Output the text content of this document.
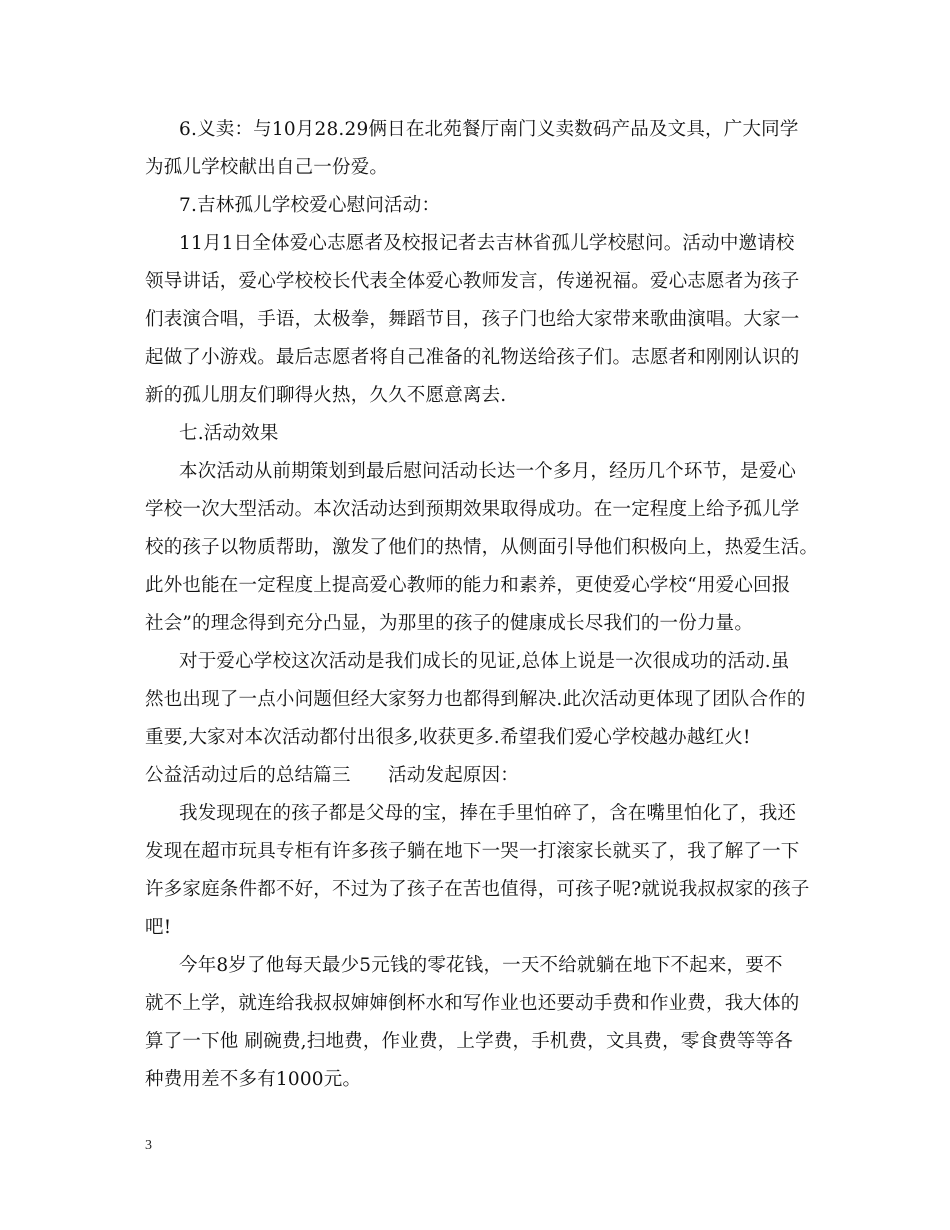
6.义卖：与10月28.29俩日在北苑餐厅南门义卖数码产品及文具，广大同学
为孤儿学校献出自己一份爱。
7.吉林孤儿学校爱心慰问活动：
11月1日全体爱心志愿者及校报记者去吉林省孤儿学校慰问。活动中邀请校
领导讲话，爱心学校校长代表全体爱心教师发言，传递祝福。爱心志愿者为孩子
们表演合唱，手语，太极拳，舞蹈节目，孩子门也给大家带来歌曲演唱。大家一
起做了小游戏。最后志愿者将自己准备的礼物送给孩子们。志愿者和刚刚认识的
新的孤儿朋友们聊得火热，久久不愿意离去.
七.活动效果
本次活动从前期策划到最后慰问活动长达一个多月，经历几个环节，是爱心
学校一次大型活动。本次活动达到预期效果取得成功。在一定程度上给予孤儿学
校的孩子以物质帮助，激发了他们的热情，从侧面引导他们积极向上，热爱生活。
此外也能在一定程度上提高爱心教师的能力和素养，更使爱心学校“用爱心回报
社会”的理念得到充分凸显，为那里的孩子的健康成长尽我们的一份力量。
对于爱心学校这次活动是我们成长的见证,总体上说是一次很成功的活动.虽
然也出现了一点小问题但经大家努力也都得到解决.此次活动更体现了团队合作的
重要,大家对本次活动都付出很多,收获更多.希望我们爱心学校越办越红火!
公益活动过后的总结篇三　　活动发起原因：
我发现现在的孩子都是父母的宝，捧在手里怕碎了，含在嘴里怕化了，我还
发现在超市玩具专柜有许多孩子躺在地下一哭一打滚家长就买了，我了解了一下
许多家庭条件都不好，不过为了孩子在苦也值得，可孩子呢?就说我叔叔家的孩子
吧!
今年8岁了他每天最少5元钱的零花钱，一天不给就躺在地下不起来，要不
就不上学，就连给我叔叔婶婶倒杯水和写作业也还要动手费和作业费，我大体的
算了一下他 刷碗费,扫地费，作业费，上学费，手机费，文具费，零食费等等各
种费用差不多有1000元。
3
